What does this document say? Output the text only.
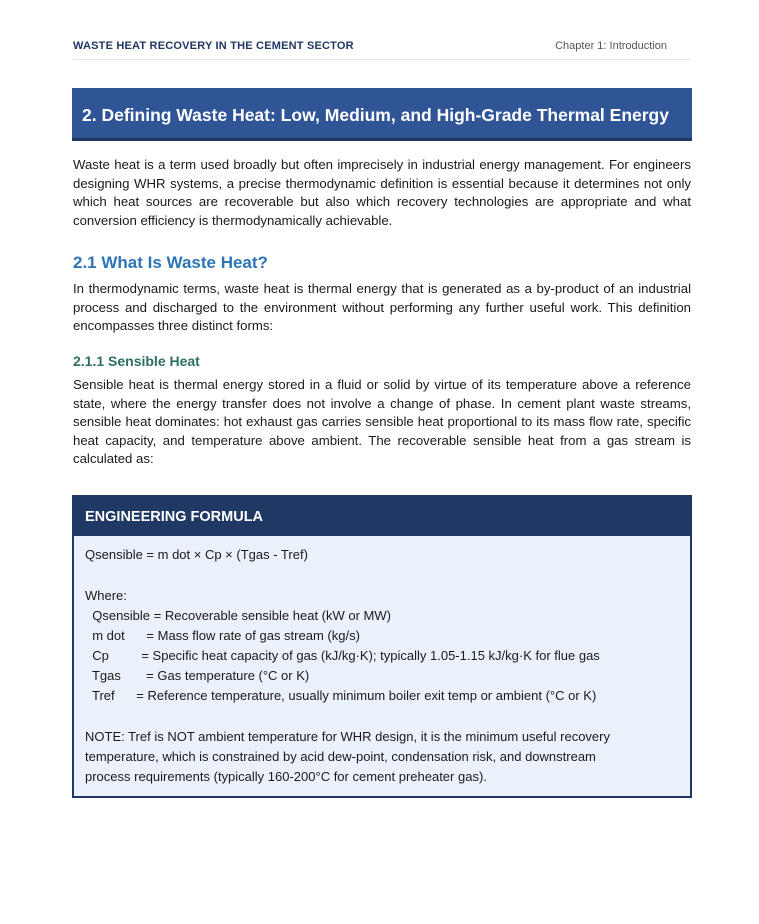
WASTE HEAT RECOVERY IN THE CEMENT SECTOR	Chapter 1: Introduction
2. Defining Waste Heat: Low, Medium, and High-Grade Thermal Energy

Waste heat is a term used broadly but often imprecisely in industrial energy management. For engineers designing WHR systems, a precise thermodynamic definition is essential because it determines not only which heat sources are recoverable but also which recovery technologies are appropriate and what conversion efficiency is thermodynamically achievable.

2.1 What Is Waste Heat?

In thermodynamic terms, waste heat is thermal energy that is generated as a by-product of an industrial process and discharged to the environment without performing any further useful work. This definition encompasses three distinct forms:

2.1.1 Sensible Heat

Sensible heat is thermal energy stored in a fluid or solid by virtue of its temperature above a reference state, where the energy transfer does not involve a change of phase. In cement plant waste streams, sensible heat dominates: hot exhaust gas carries sensible heat proportional to its mass flow rate, specific heat capacity, and temperature above ambient. The recoverable sensible heat from a gas stream is calculated as:

ENGINEERING FORMULA
Qsensible = m dot × Cp × (Tgas - Tref)
Where:
Qsensible = Recoverable sensible heat (kW or MW)
m dot      = Mass flow rate of gas stream (kg/s)
Cp         = Specific heat capacity of gas (kJ/kg·K); typically 1.05-1.15 kJ/kg·K for flue gas
Tgas       = Gas temperature (°C or K)
Tref      = Reference temperature, usually minimum boiler exit temp or ambient (°C or K)
NOTE: Tref is NOT ambient temperature for WHR design, it is the minimum useful recovery
temperature, which is constrained by acid dew-point, condensation risk, and downstream
process requirements (typically 160-200°C for cement preheater gas).
